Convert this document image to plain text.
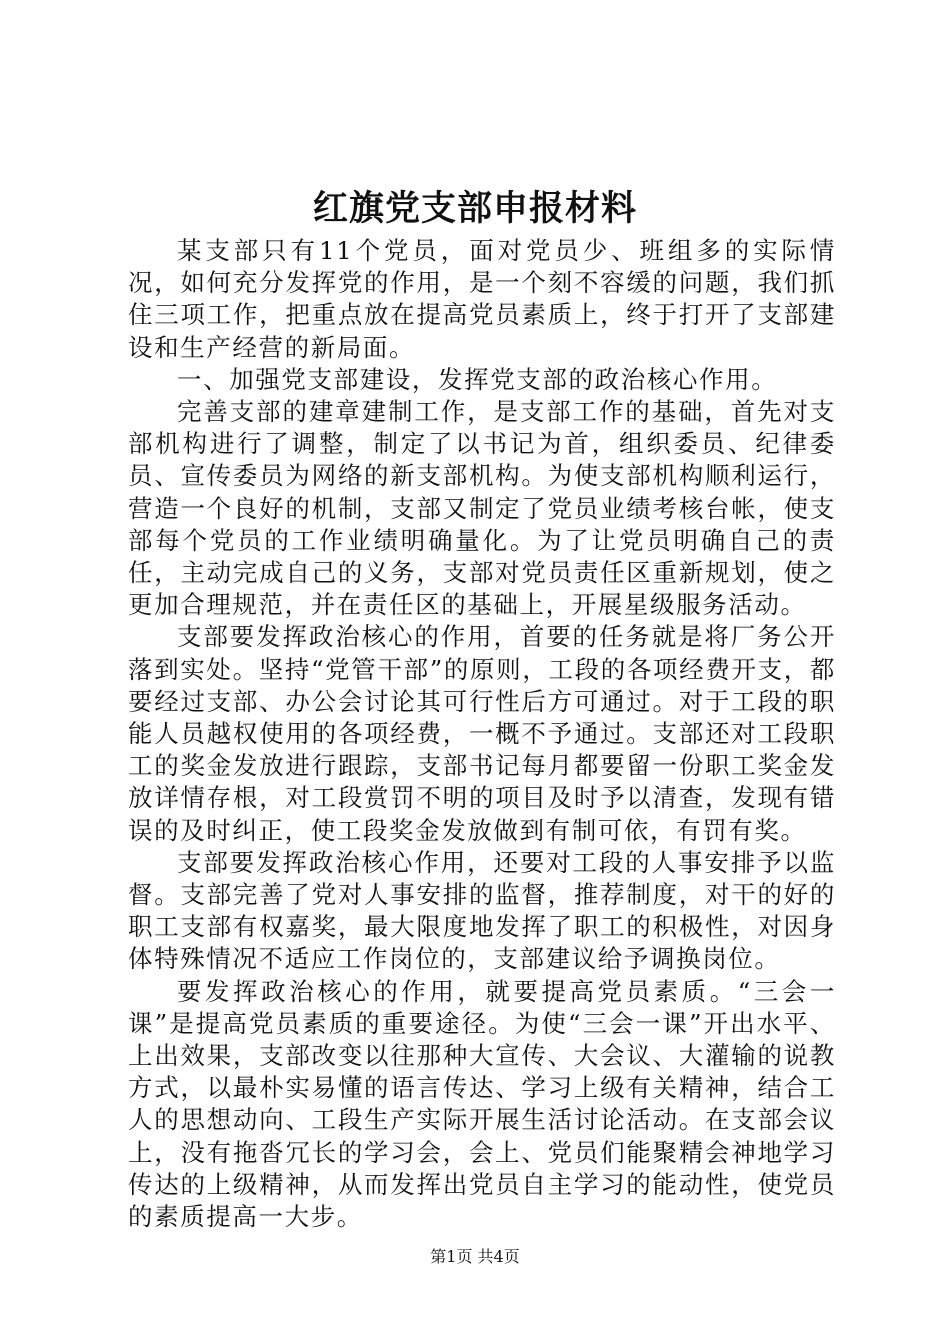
红旗党支部申报材料

某支部只有11个党员，面对党员少、班组多的实际情况，如何充分发挥党的作用，是一个刻不容缓的问题，我们抓住三项工作，把重点放在提高党员素质上，终于打开了支部建设和生产经营的新局面。

一、加强党支部建设，发挥党支部的政治核心作用。

完善支部的建章建制工作，是支部工作的基础，首先对支部机构进行了调整，制定了以书记为首，组织委员、纪律委员、宣传委员为网络的新支部机构。为使支部机构顺利运行，营造一个良好的机制，支部又制定了党员业绩考核台帐，使支部每个党员的工作业绩明确量化。为了让党员明确自己的责任，主动完成自己的义务，支部对党员责任区重新规划，使之更加合理规范，并在责任区的基础上，开展星级服务活动。

支部要发挥政治核心的作用，首要的任务就是将厂务公开落到实处。坚持“党管干部”的原则，工段的各项经费开支，都要经过支部、办公会讨论其可行性后方可通过。对于工段的职能人员越权使用的各项经费，一概不予通过。支部还对工段职工的奖金发放进行跟踪，支部书记每月都要留一份职工奖金发放详情存根，对工段赏罚不明的项目及时予以清查，发现有错误的及时纠正，使工段奖金发放做到有制可依，有罚有奖。

支部要发挥政治核心作用，还要对工段的人事安排予以监督。支部完善了党对人事安排的监督，推荐制度，对干的好的职工支部有权嘉奖，最大限度地发挥了职工的积极性，对因身体特殊情况不适应工作岗位的，支部建议给予调换岗位。

要发挥政治核心的作用，就要提高党员素质。“三会一课”是提高党员素质的重要途径。为使“三会一课”开出水平、上出效果，支部改变以往那种大宣传、大会议、大灌输的说教方式，以最朴实易懂的语言传达、学习上级有关精神，结合工人的思想动向、工段生产实际开展生活讨论活动。在支部会议上，没有拖沓冗长的学习会，会上、党员们能聚精会神地学习传达的上级精神，从而发挥出党员自主学习的能动性，使党员的素质提高一大步。

第1页 共4页
